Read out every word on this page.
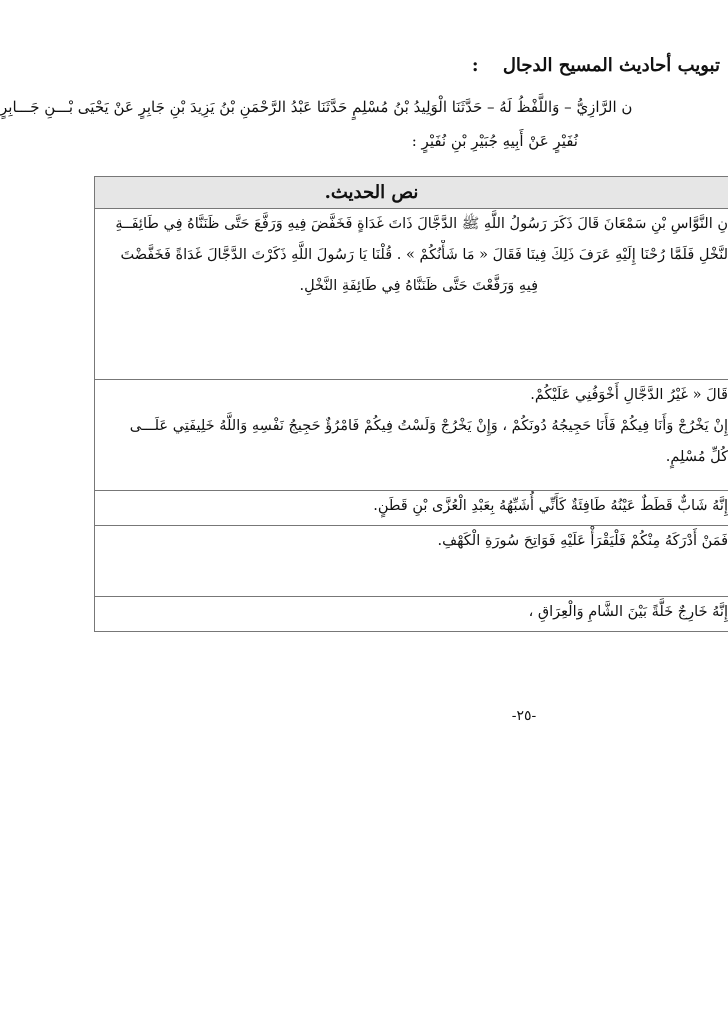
تبويب أحاديث المسيح الدجال :
ن الرَّازِيُّ – وَاللَّفْظُ لَهُ – حَدَّثَنَا الْوَلِيدُ بْنُ مُسْلِمٍ حَدَّثَنَا عَبْدُ الرَّحْمَنِ بْنُ يَزِيدَ بْنِ جَابِرٍ عَنْ يَحْيَى بْـــنِ جَـــابِرٍ
نُفَيْرٍ عَنْ أَبِيهِ جُبَيْرِ بْنِ نُفَيْرٍ :
نص الحديث.
نِ النَّوَّاسِ بْنِ سَمْعَانَ قَالَ ذَكَرَ رَسُولُ اللَّهِ ﷺ الدَّجَّالَ ذَاتَ غَدَاةٍ فَخَفَّضَ فِيهِ وَرَفَّعَ حَتَّى ظَنَنَّاهُ فِي طَائِفَــةِ
لنَّخْلِ فَلَمَّا رُحْنَا إِلَيْهِ عَرَفَ ذَلِكَ فِينَا فَقَالَ « مَا شَأْنُكُمْ » . قُلْنَا يَا رَسُولَ اللَّهِ ذَكَرْتَ الدَّجَّالَ غَدَاةً فَخَفَّضْتَ
فِيهِ وَرَفَّعْتَ حَتَّى ظَنَنَّاهُ فِي طَائِفَةِ النَّخْلِ.
قَالَ « غَيْرُ الدَّجَّالِ أَخْوَفُنِي عَلَيْكُمْ.
إِنْ يَخْرُجْ وَأَنَا فِيكُمْ فَأَنَا حَجِيجُهُ دُونَكُمْ ، وَإِنْ يَخْرُجْ وَلَسْتُ فِيكُمْ فَامْرُؤٌ حَجِيجُ نَفْسِهِ وَاللَّهُ خَلِيفَتِي عَلَـــى
كُلِّ مُسْلِمٍ.
إِنَّهُ شَابٌّ قَطَطٌ عَيْنُهُ طَافِئَةٌ كَأَنِّي أُشَبِّهُهُ بِعَبْدِ الْعُزَّى بْنِ قَطَنٍ.
فَمَنْ أَدْرَكَهُ مِنْكُمْ فَلْيَقْرَأْ عَلَيْهِ فَوَاتِحَ سُورَةِ الْكَهْفِ.
إِنَّهُ خَارِجٌ خَلَّةً بَيْنَ الشَّامِ وَالْعِرَاقِ ،
-٢٥-
